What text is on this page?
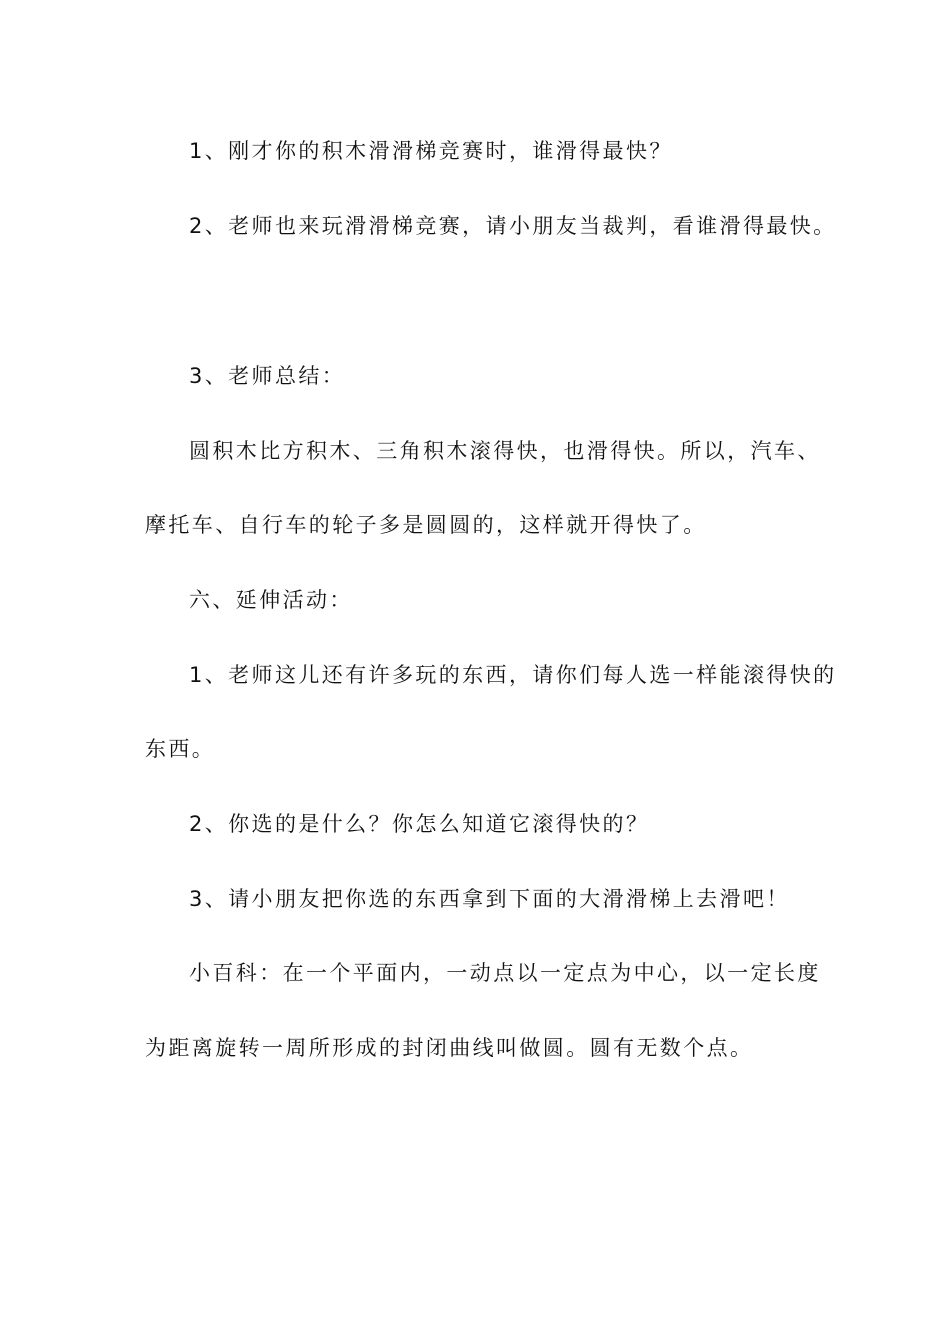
1、刚才你的积木滑滑梯竞赛时，谁滑得最快？
2、老师也来玩滑滑梯竞赛，请小朋友当裁判，看谁滑得最快。
3、老师总结：
圆积木比方积木、三角积木滚得快，也滑得快。所以，汽车、
摩托车、自行车的轮子多是圆圆的，这样就开得快了。
六、延伸活动：
1、老师这儿还有许多玩的东西，请你们每人选一样能滚得快的
东西。
2、你选的是什么？你怎么知道它滚得快的？
3、请小朋友把你选的东西拿到下面的大滑滑梯上去滑吧！
小百科：在一个平面内，一动点以一定点为中心，以一定长度
为距离旋转一周所形成的封闭曲线叫做圆。圆有无数个点。
